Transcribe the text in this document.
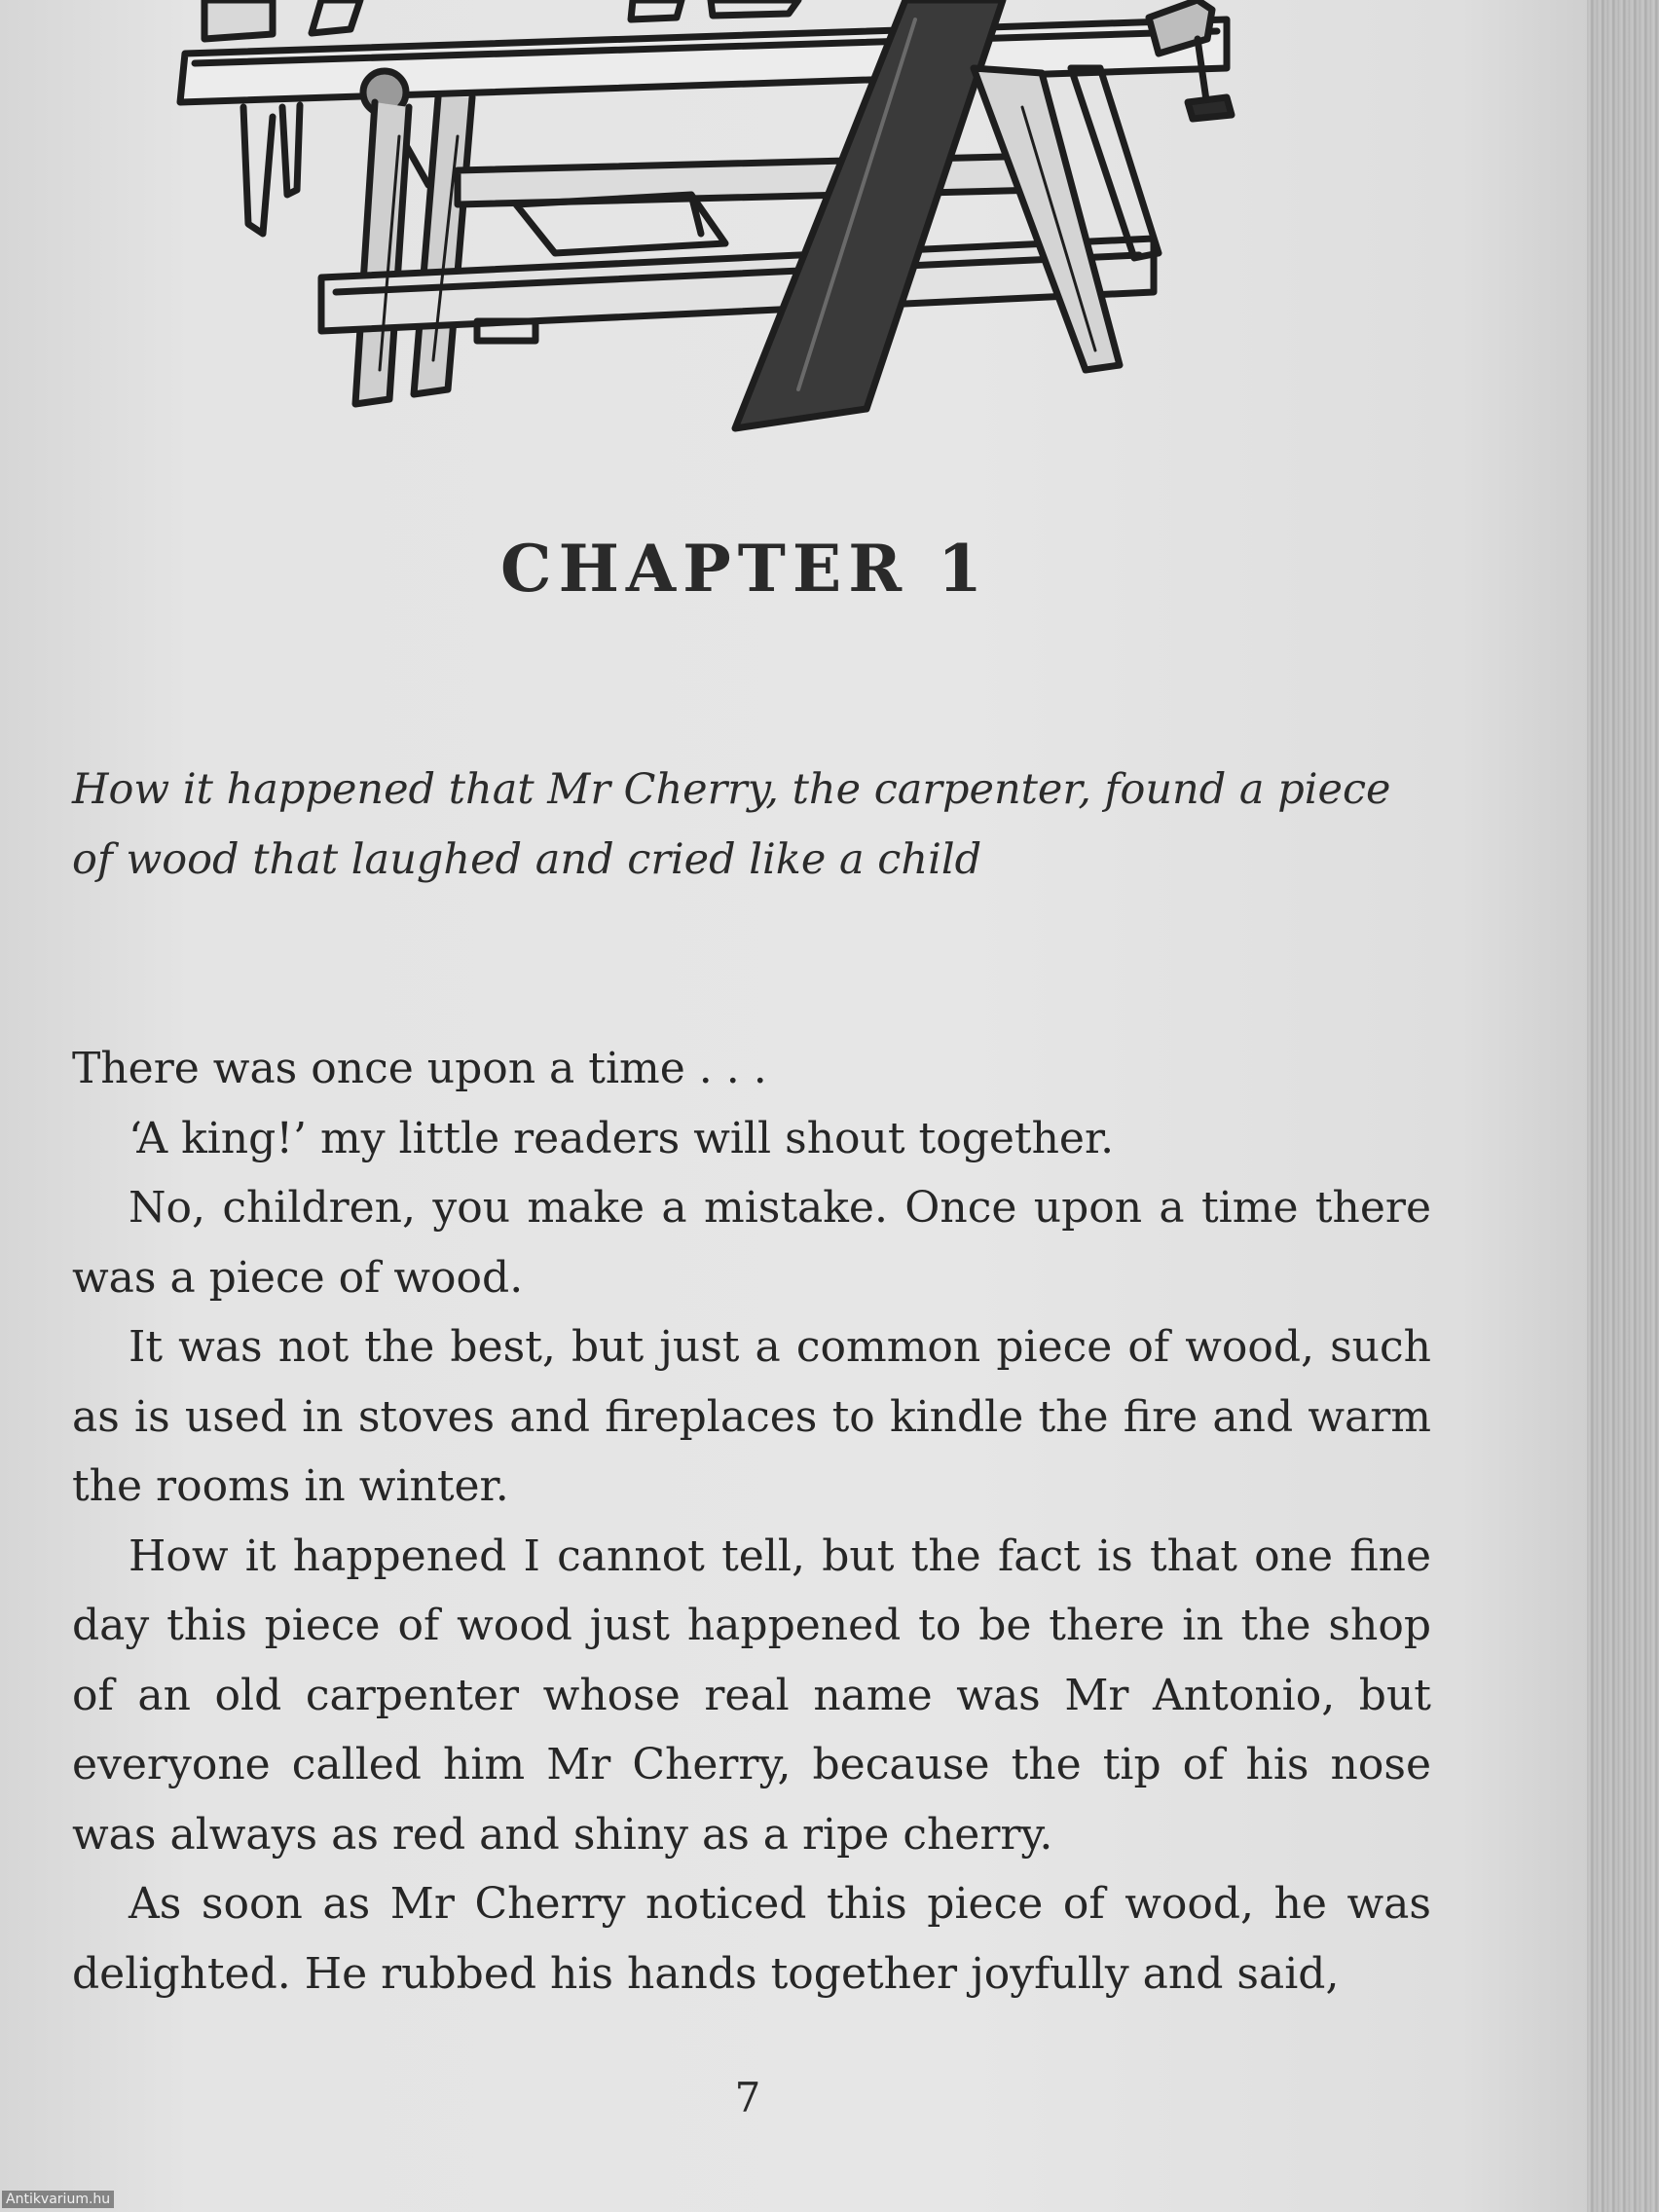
CHAPTER 1

How it happened that Mr Cherry, the carpenter, found a piece of wood that laughed and cried like a child

There was once upon a time . . .

‘A king!’ my little readers will shout together.

No, children, you make a mistake. Once upon a time there was a piece of wood.

It was not the best, but just a common piece of wood, such as is used in stoves and fireplaces to kindle the fire and warm the rooms in winter.

How it happened I cannot tell, but the fact is that one fine day this piece of wood just happened to be there in the shop of an old carpenter whose real name was Mr Antonio, but everyone called him Mr Cherry, because the tip of his nose was always as red and shiny as a ripe cherry.

As soon as Mr Cherry noticed this piece of wood, he was delighted. He rubbed his hands together joyfully and said,

7
Antikvarium.hu
